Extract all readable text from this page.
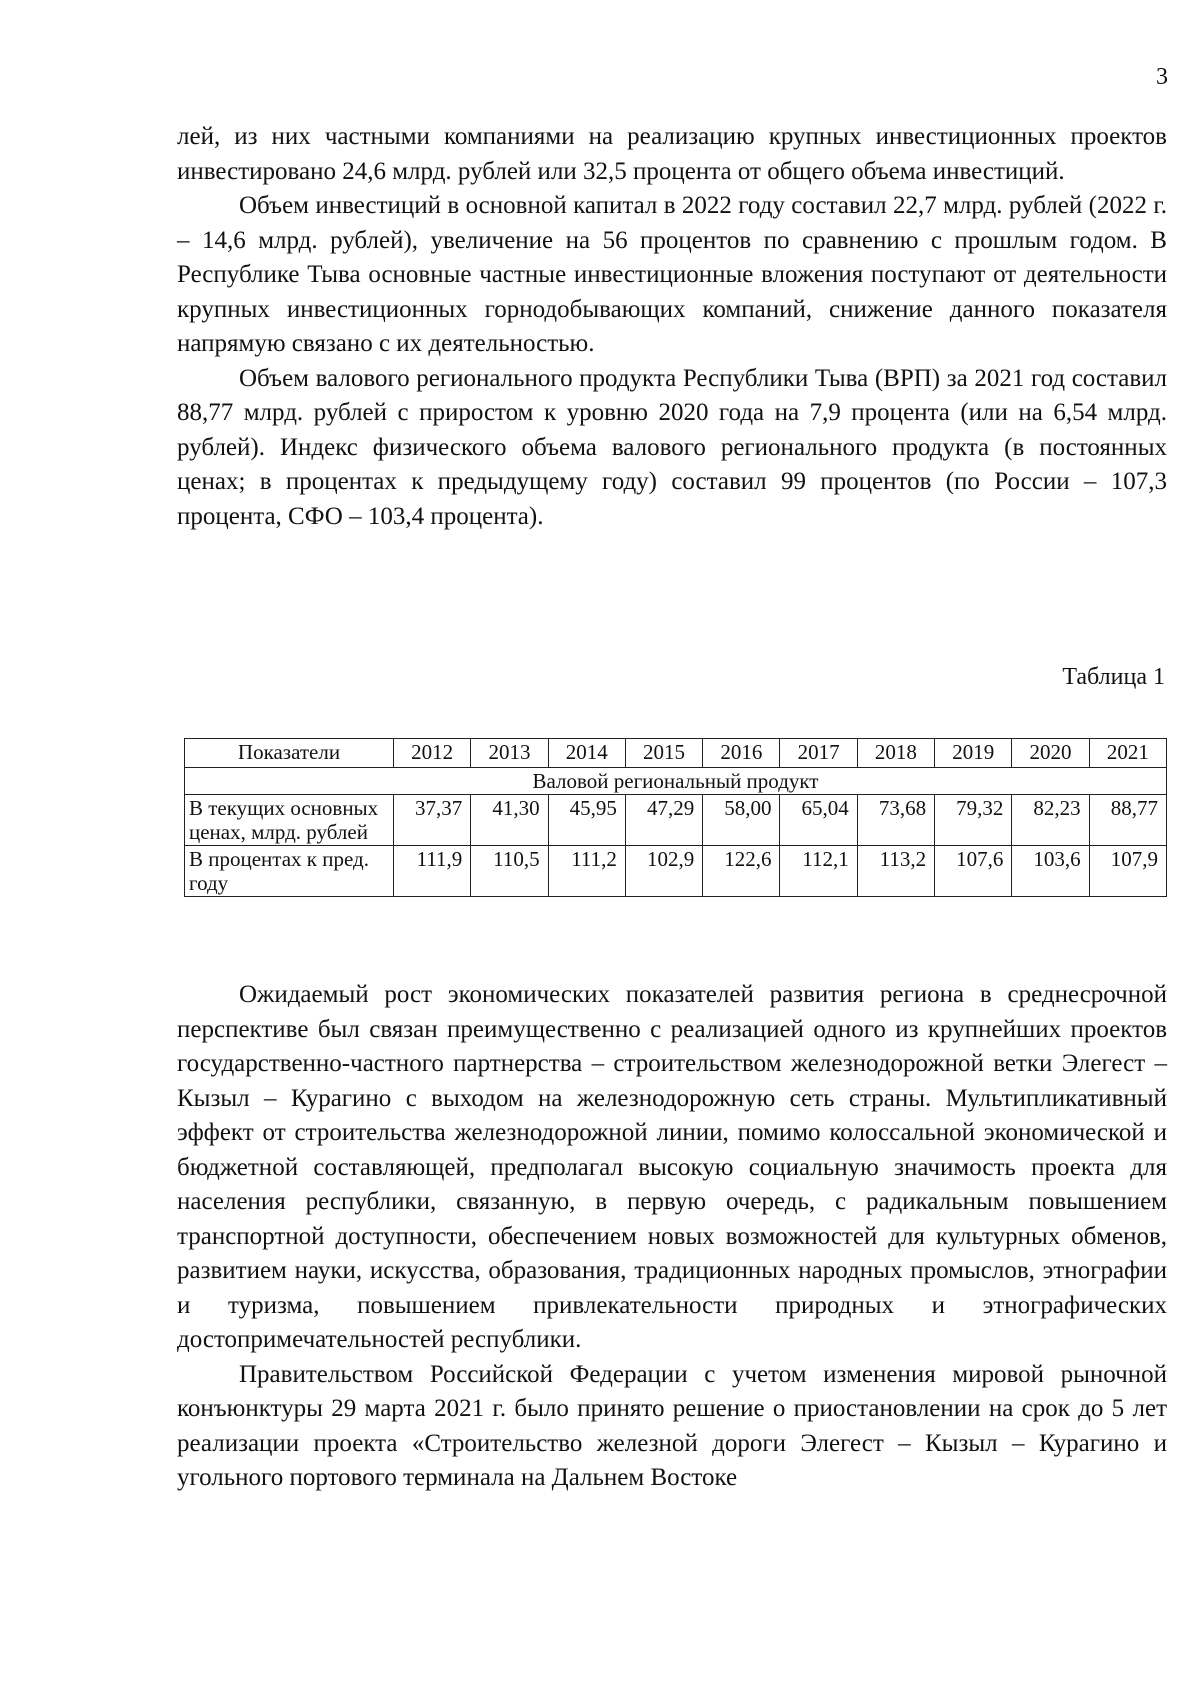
3

лей, из них частными компаниями на реализацию крупных инвестиционных проектов инвестировано 24,6 млрд. рублей или 32,5 процента от общего объема инвестиций.

Объем инвестиций в основной капитал в 2022 году составил 22,7 млрд. рублей (2022 г. – 14,6 млрд. рублей), увеличение на 56 процентов по сравнению с прошлым годом. В Республике Тыва основные частные инвестиционные вложения поступают от деятельности крупных инвестиционных горнодобывающих компаний, снижение данного показателя напрямую связано с их деятельностью.

Объем валового регионального продукта Республики Тыва (ВРП) за 2021 год составил 88,77 млрд. рублей с приростом к уровню 2020 года на 7,9 процента (или на 6,54 млрд. рублей). Индекс физического объема валового регионального продукта (в постоянных ценах; в процентах к предыдущему году) составил 99 процентов (по России – 107,3 процента, СФО – 103,4 процента).

Таблица 1
Показатели	2012	2013	2014	2015	2016	2017	2018	2019	2020	2021
Валовой региональный продукт										
В текущих основных ценах, млрд. рублей	37,37	41,30	45,95	47,29	58,00	65,04	73,68	79,32	82,23	88,77
В процентах к пред. году	111,9	110,5	111,2	102,9	122,6	112,1	113,2	107,6	103,6	107,9

Ожидаемый рост экономических показателей развития региона в среднесрочной перспективе был связан преимущественно с реализацией одного из крупнейших проектов государственно-частного партнерства – строительством железнодорожной ветки Элегест – Кызыл – Курагино с выходом на железнодорожную сеть страны. Мультипликативный эффект от строительства железнодорожной линии, помимо колоссальной экономической и бюджетной составляющей, предполагал высокую социальную значимость проекта для населения республики, связанную, в первую очередь, с радикальным повышением транспортной доступности, обеспечением новых возможностей для культурных обменов, развитием науки, искусства, образования, традиционных народных промыслов, этнографии и туризма, повышением привлекательности природных и этнографических достопримечательностей республики.

Правительством Российской Федерации с учетом изменения мировой рыночной конъюнктуры 29 марта 2021 г. было принято решение о приостановлении на срок до 5 лет реализации проекта «Строительство железной дороги Элегест – Кызыл – Курагино и угольного портового терминала на Дальнем Востоке
